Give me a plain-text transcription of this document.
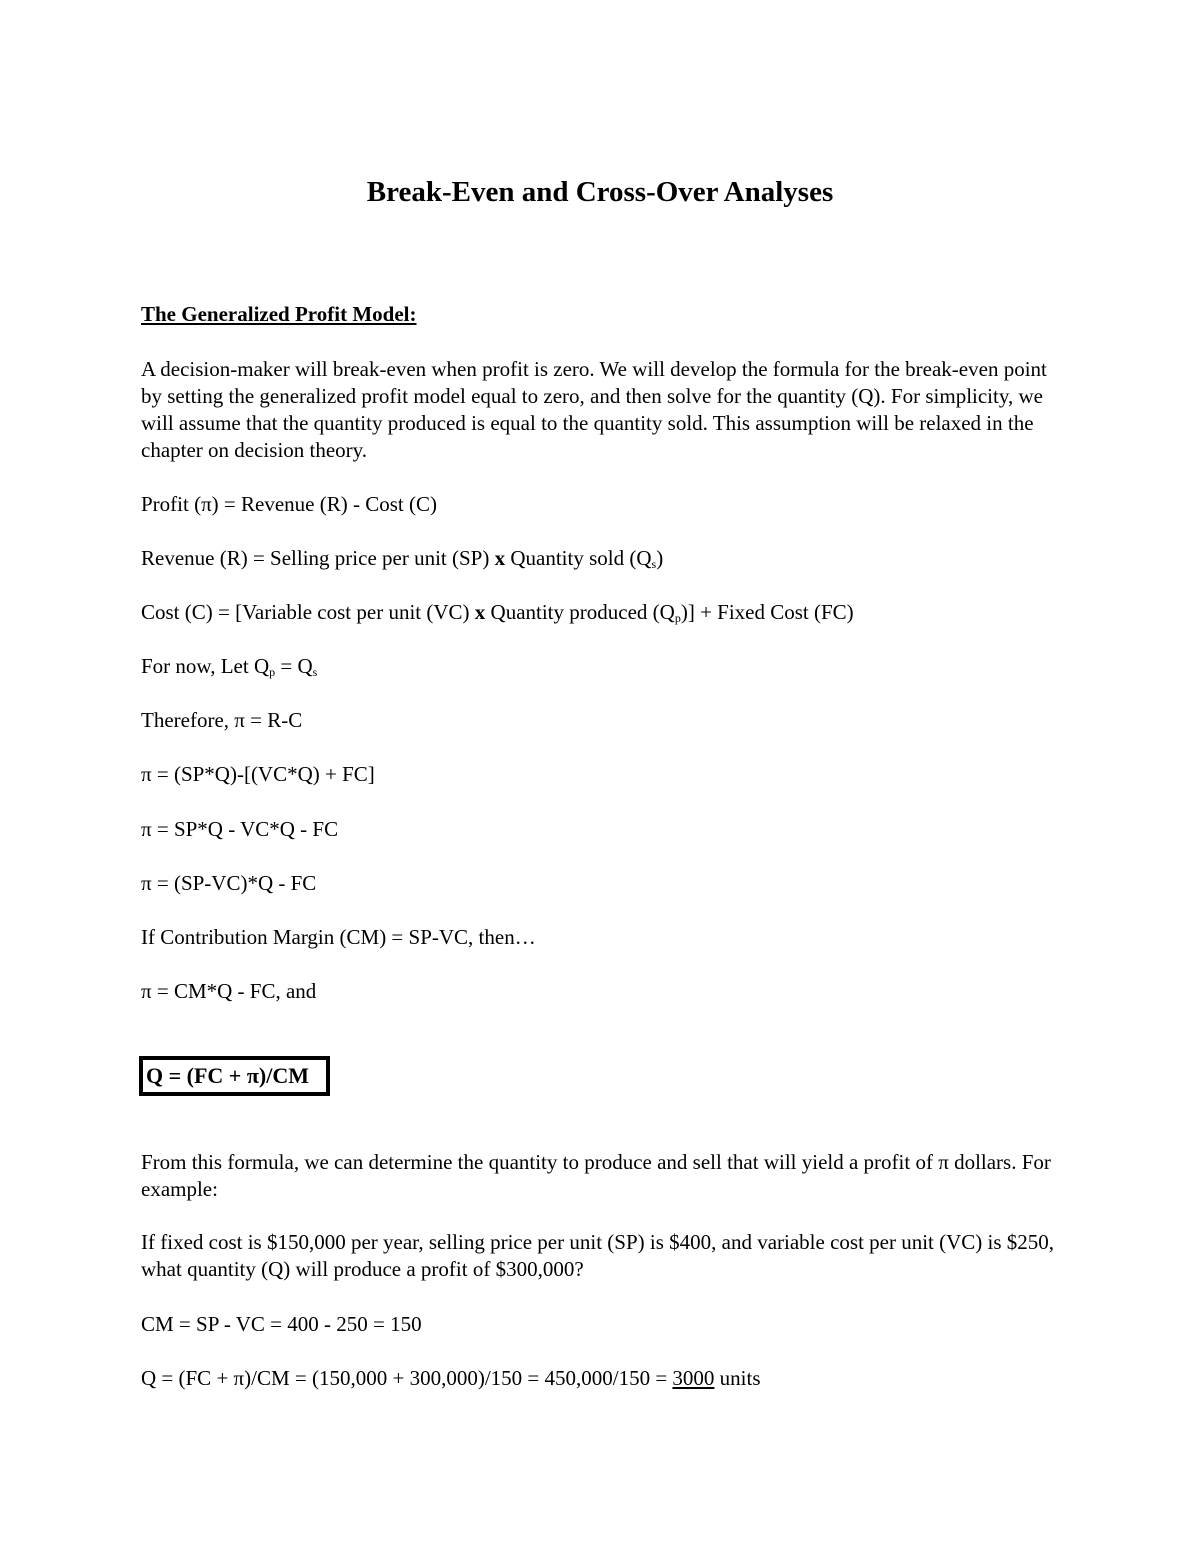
Break-Even and Cross-Over Analyses
The Generalized Profit Model:

A decision-maker will break-even when profit is zero. We will develop the formula for the break-even point by setting the generalized profit model equal to zero, and then solve for the quantity (Q). For simplicity, we will assume that the quantity produced is equal to the quantity sold. This assumption will be relaxed in the chapter on decision theory.

Profit (π) = Revenue (R) - Cost (C)
Revenue (R) = Selling price per unit (SP) x Quantity sold $(Q_s)$
Cost (C) = [Variable cost per unit (VC) x Quantity produced $(Q_p)$] + Fixed Cost (FC)
For now, Let $Q_p = Q_s$
Therefore, π = R-C
π = (SP*Q)-[(VC*Q) + FC]
π = SP*Q - VC*Q - FC
π = (SP-VC)*Q - FC
If Contribution Margin (CM) = SP-VC, then…
π = CM*Q - FC, and
Q = (FC + π)/CM

From this formula, we can determine the quantity to produce and sell that will yield a profit of π dollars. For example:

If fixed cost is $150,000 per year, selling price per unit (SP) is $400, and variable cost per unit (VC) is $250, what quantity (Q) will produce a profit of $300,000?

CM = SP - VC = 400 - 250 = 150
Q = (FC + π)/CM = (150,000 + 300,000)/150 = 450,000/150 = 3000 units
